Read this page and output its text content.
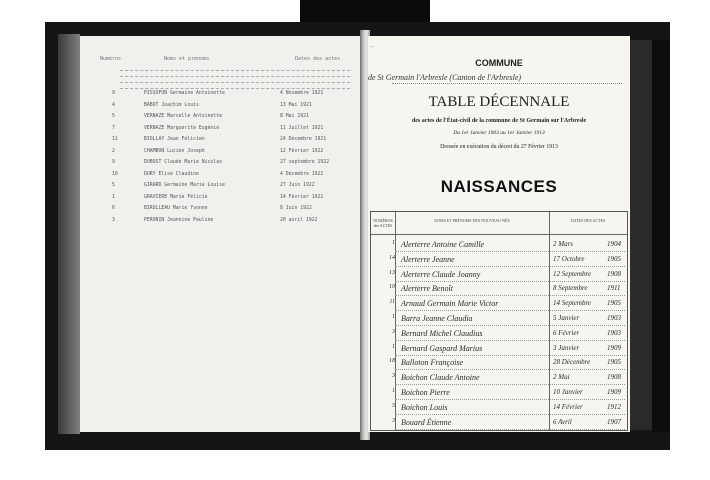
Numéros	Noms et prénoms	Dates des actes
9	PISSOFON Germaine Antoinette	4 Novembre 1921
4	BABOT Joachim Louis	13 Mai 1921
5	VERNAZE Marcelle Antoinette	8 Mai 1921
7	VERNAZE Marguerite Eugénie	11 Juillet 1921
11	BIOLLAY Jean Félicien	24 Décembre 1921
2	CHAMBON Lucien Joseph	12 Février 1922
9	DUBOST Claude Marie Nicolas	27 septembre 1922
10	DURY Elise Claudine	4 Décembre 1922
5	GIRARD Germaine Marie Louise	27 Juin 1922
1	GRAVIERE Marie Félicie	14 Février 1922
6	BIROLLEAU Marie Yvonne	8 Juin 1922
3	PERONIN Jeannine Pauline	20 avril 1922
—
COMMUNE
de St Germain l'Arbresle (Canton de l'Arbresle)
TABLE DÉCENNALE
des actes de l'État-civil de la commune de St Germain sur l'Arbresle
Du 1er Janvier 1903 au 1er Janvier 1913
Dressée en exécution du décret du 27 Février 1913
NAISSANCES
NUMÉROS des ACTES
NOMS ET PRÉNOMS DES NOUVEAU-NÉS	DATES DES ACTES
1 Alerterre Antoine Camille	2 Mars	1904
14 Alerterre Jeanne	17 Octobre	1905
13 Alerterre Claude Joanny	12 Septembre 1908
10 Alerterre Benoît	8 Septembre	1911
11 Arnaud Germain Marie Victor	14 Septembre 1905
1 Barra Jeanne Claudia	5 Janvier	1903
3 Bernard Michel Claudius	6 Février	1903
1 Bernard Gaspard Marius	3 Janvier	1909
18 Balloton Françoise	28 Décembre 1905
3 Boichon Claude Antoine	2 Mai	1908
1 Boichon Pierre	10 Janvier	1909
5 Boichon Louis	14 Février	1912
3 Bouard Étienne	6 Avril	1907
